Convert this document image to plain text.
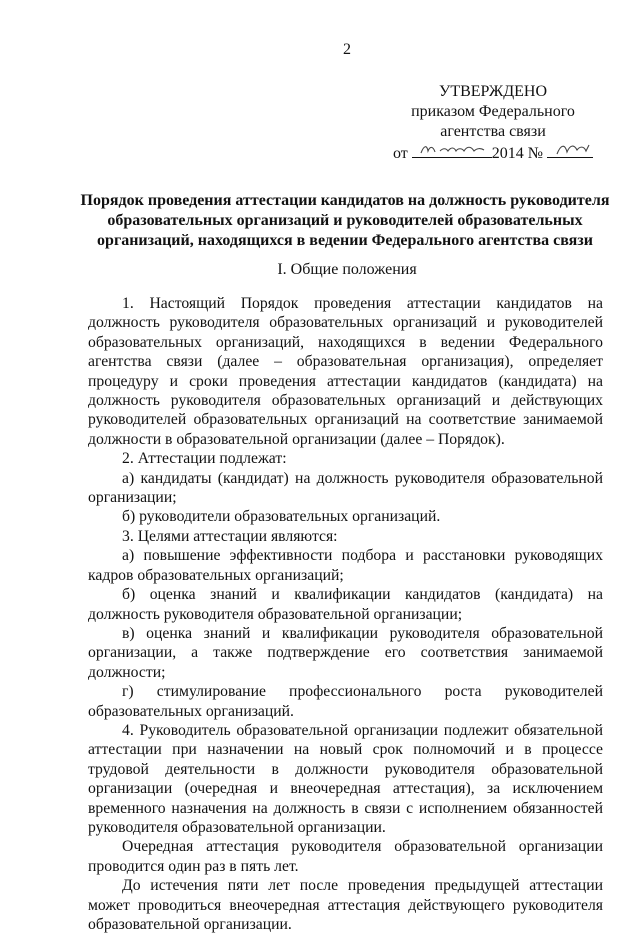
2
УТВЕРЖДЕНО
приказом Федерального
агентства связи
от	2014 №
Порядок проведения аттестации кандидатов на должность руководителя
образовательных организаций и руководителей образовательных
организаций, находящихся в ведении Федерального агентства связи
I. Общие положения

1. Настоящий Порядок проведения аттестации кандидатов на должность руководителя образовательных организаций и руководителей образовательных организаций, находящихся в ведении Федерального агентства связи (далее – образовательная организация), определяет процедуру и сроки проведения аттестации кандидатов (кандидата) на должность руководителя образовательных организаций и действующих руководителей образовательных организаций на соответствие занимаемой должности в образовательной организации (далее – Порядок).

2. Аттестации подлежат:

а) кандидаты (кандидат) на должность руководителя образовательной организации;

б) руководители образовательных организаций.

3. Целями аттестации являются:

а) повышение эффективности подбора и расстановки руководящих кадров образовательных организаций;

б) оценка знаний и квалификации кандидатов (кандидата) на должность руководителя образовательной организации;

в) оценка знаний и квалификации руководителя образовательной организации, а также подтверждение его соответствия занимаемой должности;

г) стимулирование профессионального роста руководителей образовательных организаций.

4. Руководитель образовательной организации подлежит обязательной аттестации при назначении на новый срок полномочий и в процессе трудовой деятельности в должности руководителя образовательной организации (очередная и внеочередная аттестация), за исключением временного назначения на должность в связи с исполнением обязанностей руководителя образовательной организации.

Очередная аттестация руководителя образовательной организации проводится один раз в пять лет.

До истечения пяти лет после проведения предыдущей аттестации может проводиться внеочередная аттестация действующего руководителя образовательной организации.
